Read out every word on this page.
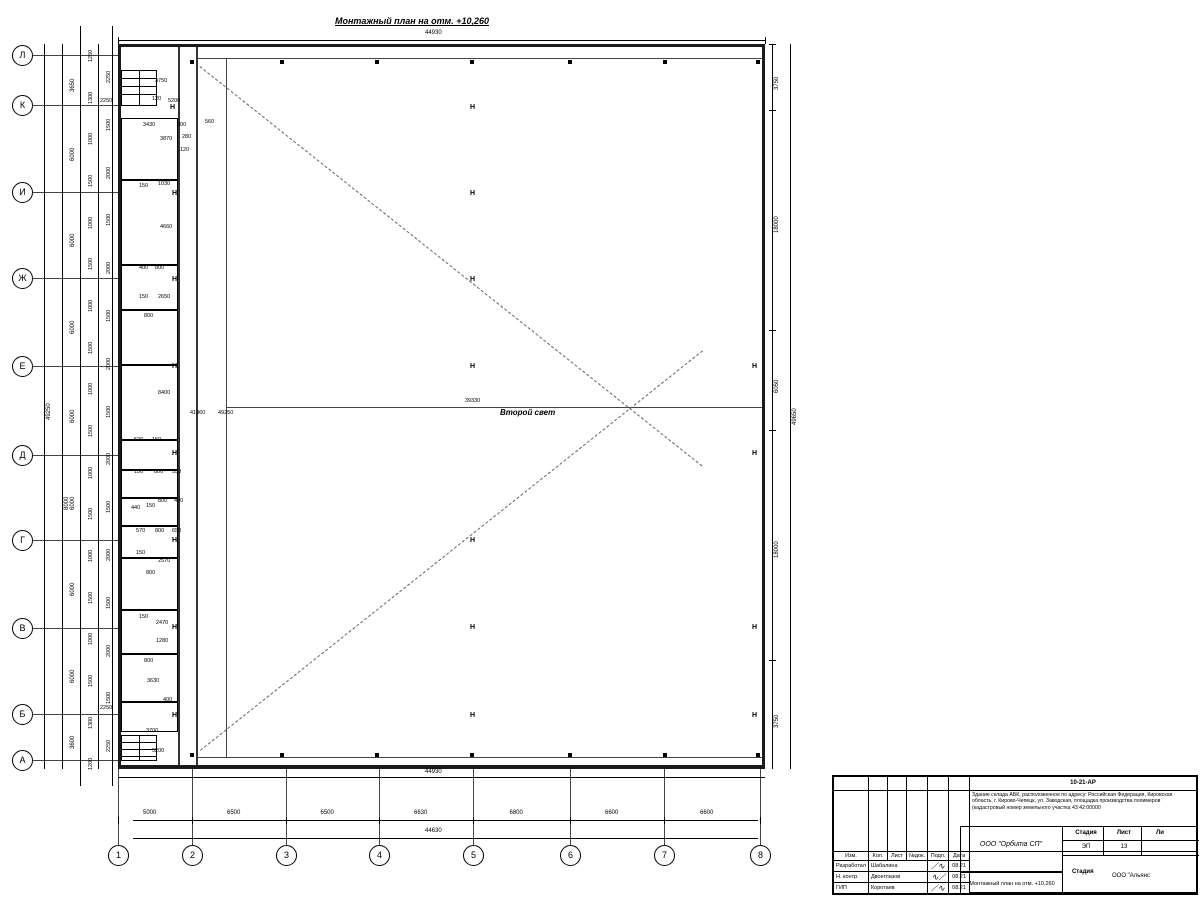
Монтажный план на отм. +10,260
44930
Второй свет
Н
Н
Н
Н
Н
Н
Н
Н
Н
Н
Н
Н
Н
Н
Н
Н
Н
Н
Н
3750
120 5200
2250
3430	800	560
3870 280
120
150 1030
4660
400 800
150 2650
800
8400
520 150
150 800 550
440 150
800 420
570 800 650
150
2570
800
150
2470
1280
800
3630
400
2250
3700
5200
39330
41960 49250
Л
К
И
Ж
Е
Д
Г
В
Б
А
1	2	3	4	5	6	7	8
49250
3650
6000
6000
6000
6000
6000
6000
6000
3600
1250
1300
1000
1500
1000
1500
1000
1500
1000
1500
1000
1500
1000
1500
1000
1500
1300
1200
2250
1500
2000
1500
2000
1500
2000
1500
2000
1500
2000
1500
2000
1500
2250
8000
3750
18000
6050
18000
3750
49650
44930
44630
5000	6500	6500	6630	6800	6600	6600
						10-21-АР
Здание склада АБК, расположенное по адресу: Российская Федерация, Кировская область, г. Кирово-Чепецк, ул. Заводская, площадка производства полимеров (кадастровый номер земельного участка 43:42:00000

Изм.	Кол.	Лист	№док.	Подп.	Дата	
Стадия

Разработал	Шабалина	⟋∿	08.21
Н. контр.	Двоеглазов	∿⟋	08.21
ГИП	Коротаев	⟋∿	08.21
Стадия	Лист	Ли
ЭП	13
ООО "Альянс
ООО "Орбита СП"
Монтажный план на отм. +10,260
